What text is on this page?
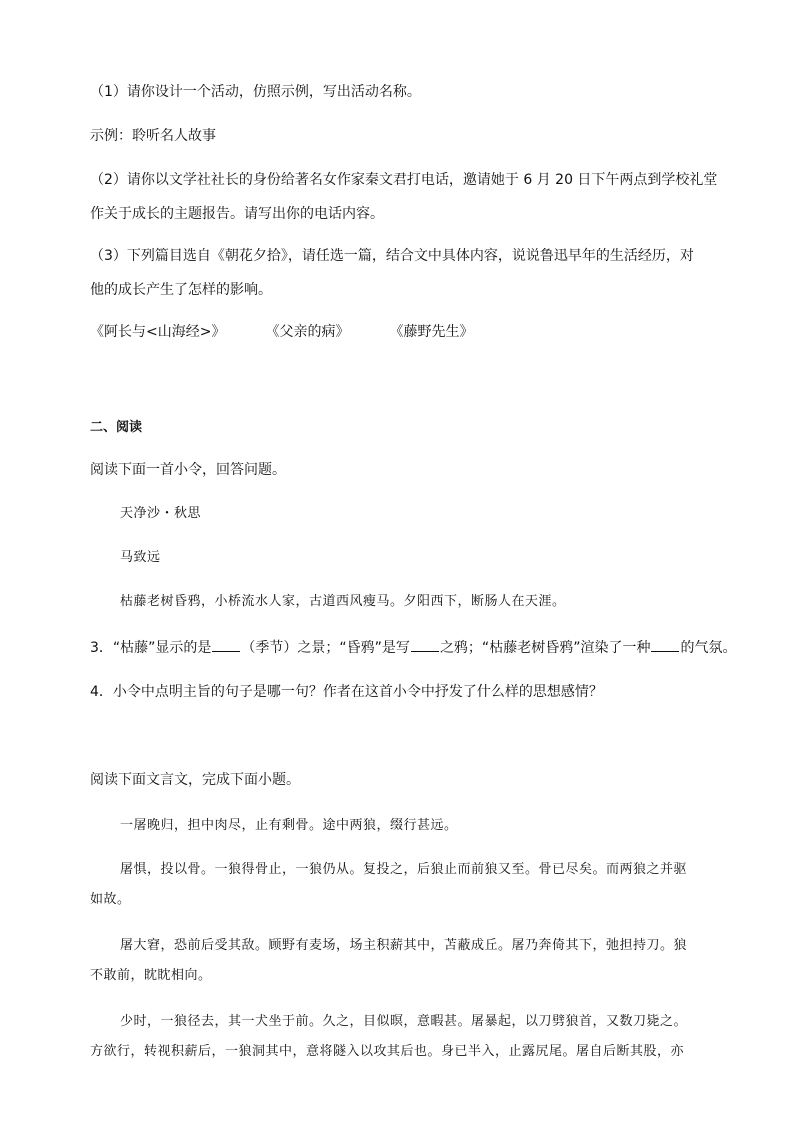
（1）请你设计一个活动，仿照示例，写出活动名称。
示例：聆听名人故事
（2）请你以文学社社长的身份给著名女作家秦文君打电话，邀请她于 6 月 20 日下午两点到学校礼堂
作关于成长的主题报告。请写出你的电话内容。
（3）下列篇目选自《朝花夕拾》，请任选一篇，结合文中具体内容，说说鲁迅早年的生活经历，对
他的成长产生了怎样的影响。
《阿长与<山海经>》	《父亲的病》	《藤野先生》
二、阅读
阅读下面一首小令，回答问题。
天净沙・秋思
马致远
枯藤老树昏鸦，小桥流水人家，古道西风瘦马。夕阳西下，断肠人在天涯。
3．“枯藤”显示的是 （季节）之景；“昏鸦”是写 之鸦；“枯藤老树昏鸦”渲染了一种 的气氛。
4．小令中点明主旨的句子是哪一句？作者在这首小令中抒发了什么样的思想感情？
阅读下面文言文，完成下面小题。
一屠晚归，担中肉尽，止有剩骨。途中两狼，缀行甚远。
屠惧，投以骨。一狼得骨止，一狼仍从。复投之，后狼止而前狼又至。骨已尽矣。而两狼之并驱
如故。
屠大窘，恐前后受其敌。顾野有麦场，场主积薪其中，苫蔽成丘。屠乃奔倚其下，弛担持刀。狼
不敢前，眈眈相向。
少时，一狼径去，其一犬坐于前。久之，目似暝，意暇甚。屠暴起，以刀劈狼首，又数刀毙之。
方欲行，转视积薪后，一狼洞其中，意将隧入以攻其后也。身已半入，止露尻尾。屠自后断其股，亦
